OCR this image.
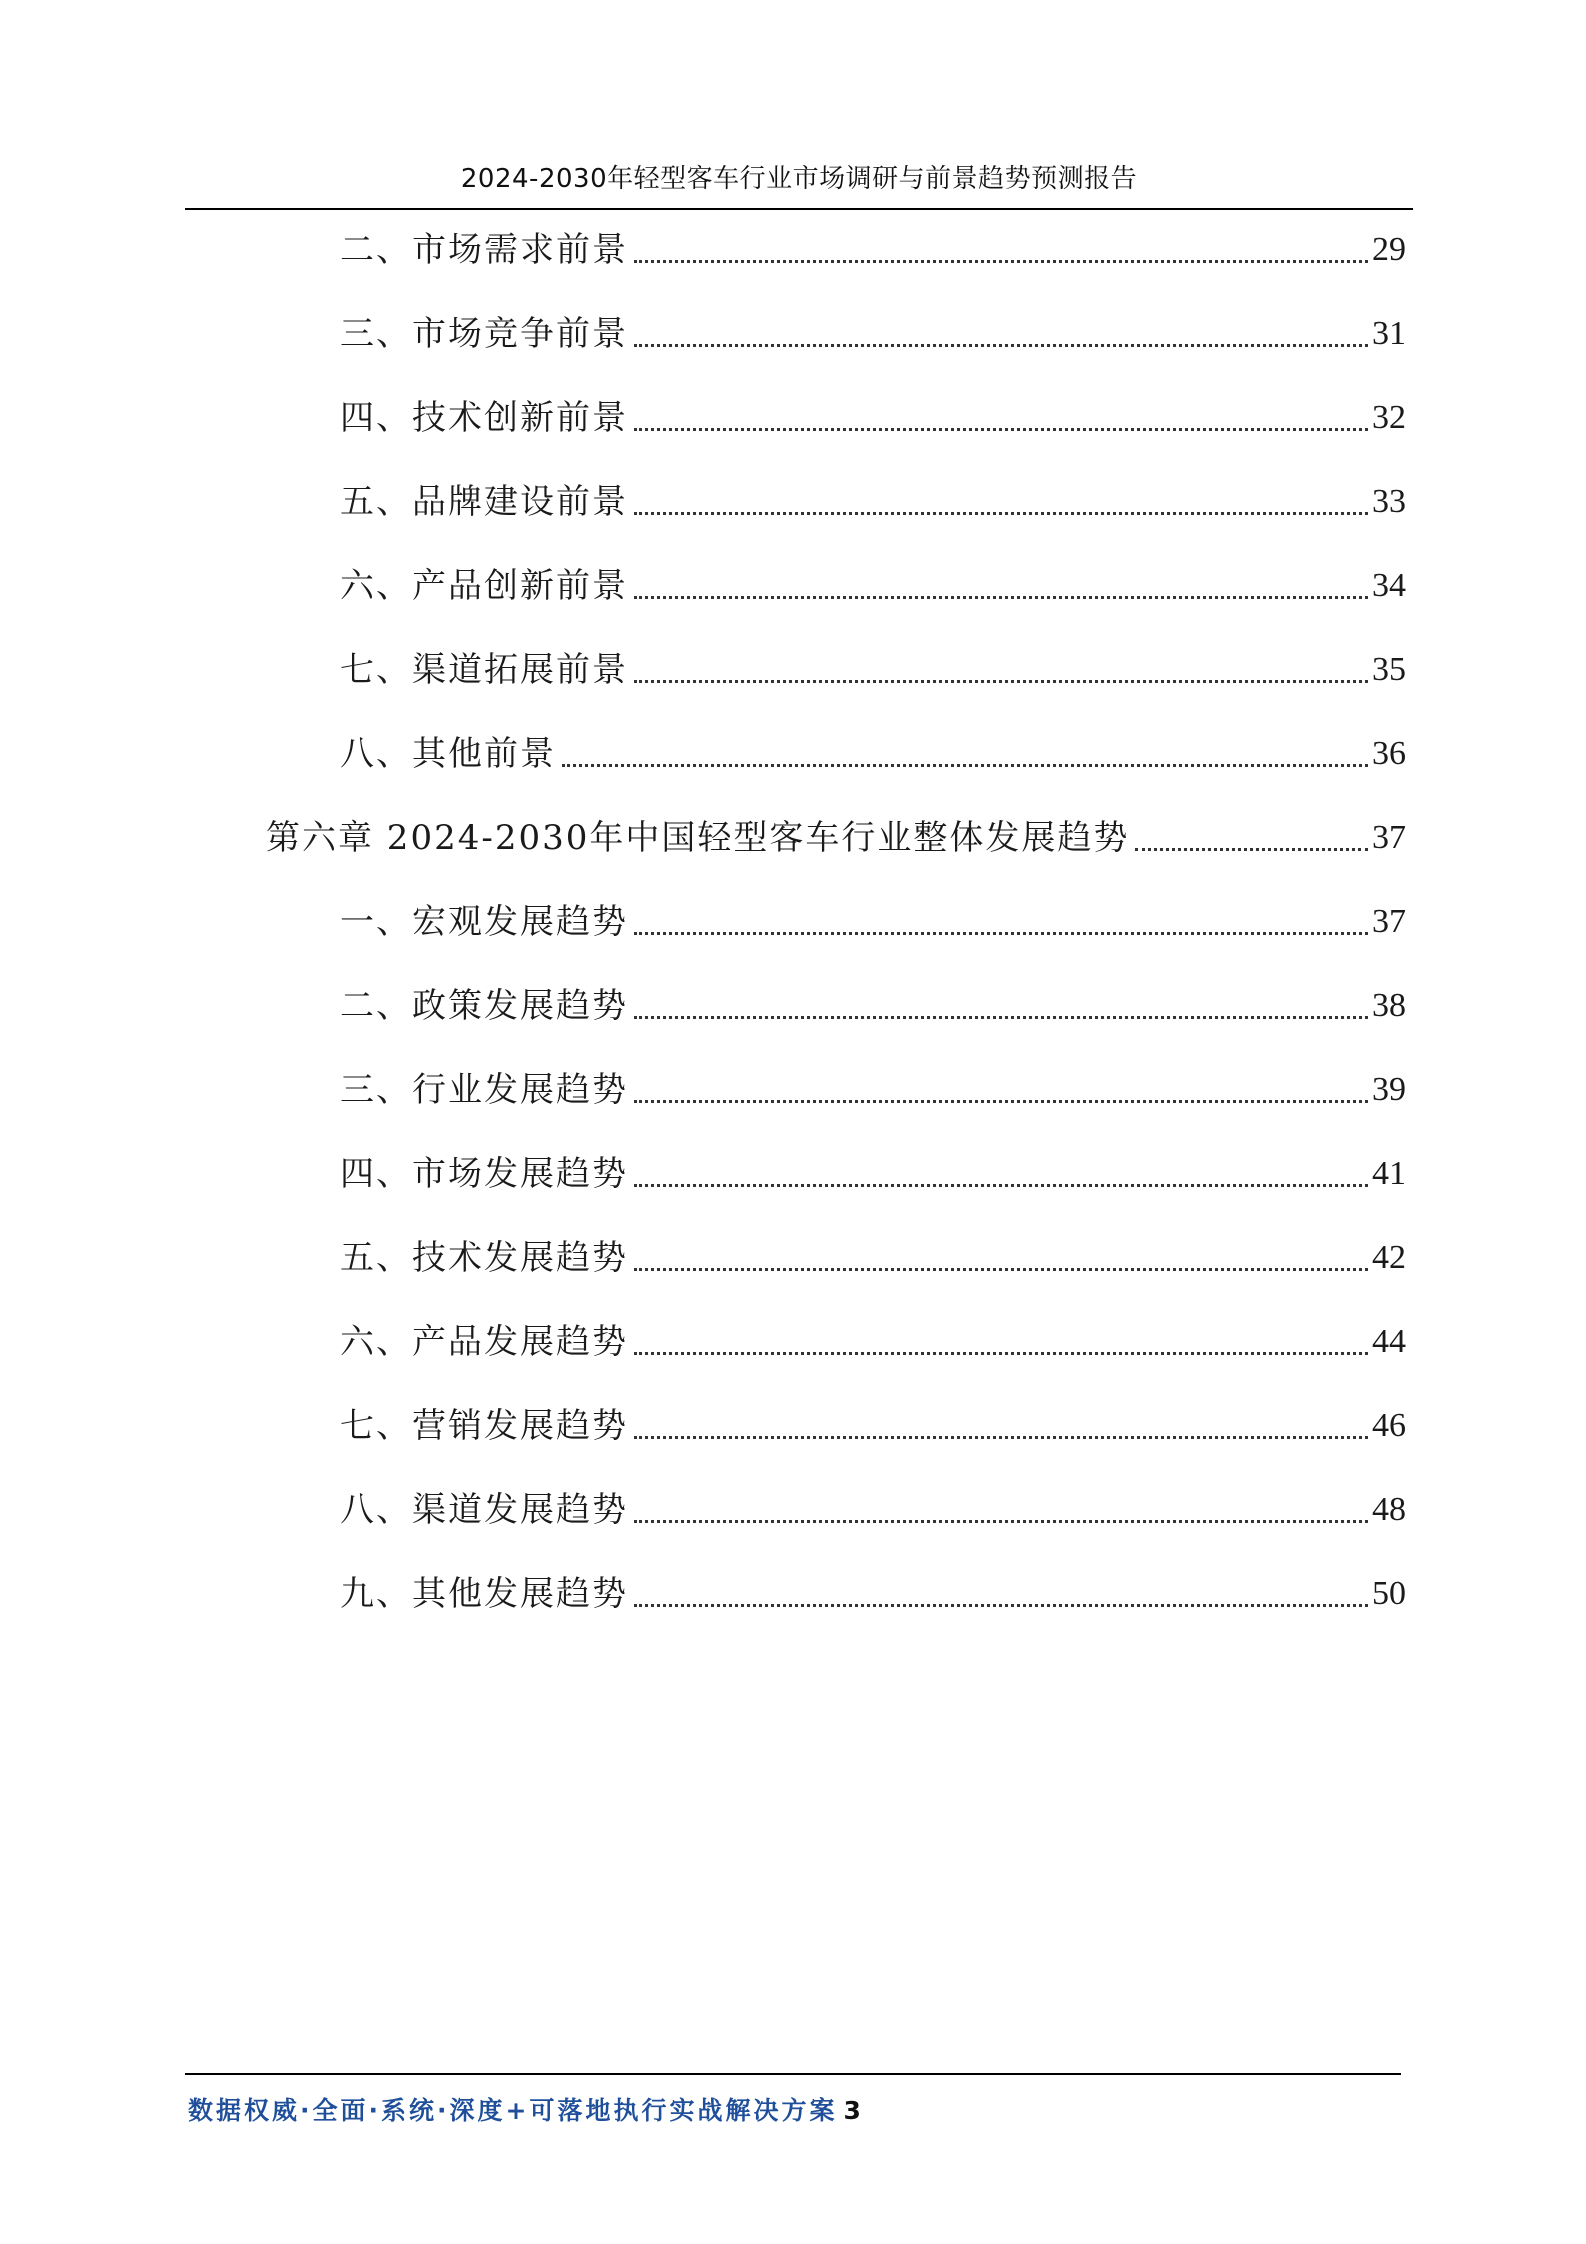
2024-2030年轻型客车行业市场调研与前景趋势预测报告
二、市场需求前景	29
三、市场竞争前景	31
四、技术创新前景	32
五、品牌建设前景	33
六、产品创新前景	34
七、渠道拓展前景	35
八、其他前景	36
第六章 2024-2030年中国轻型客车行业整体发展趋势	37
一、宏观发展趋势	37
二、政策发展趋势	38
三、行业发展趋势	39
四、市场发展趋势	41
五、技术发展趋势	42
六、产品发展趋势	44
七、营销发展趋势	46
八、渠道发展趋势	48
九、其他发展趋势	50
数据权威·全面·系统·深度+可落地执行实战解决方案 3
